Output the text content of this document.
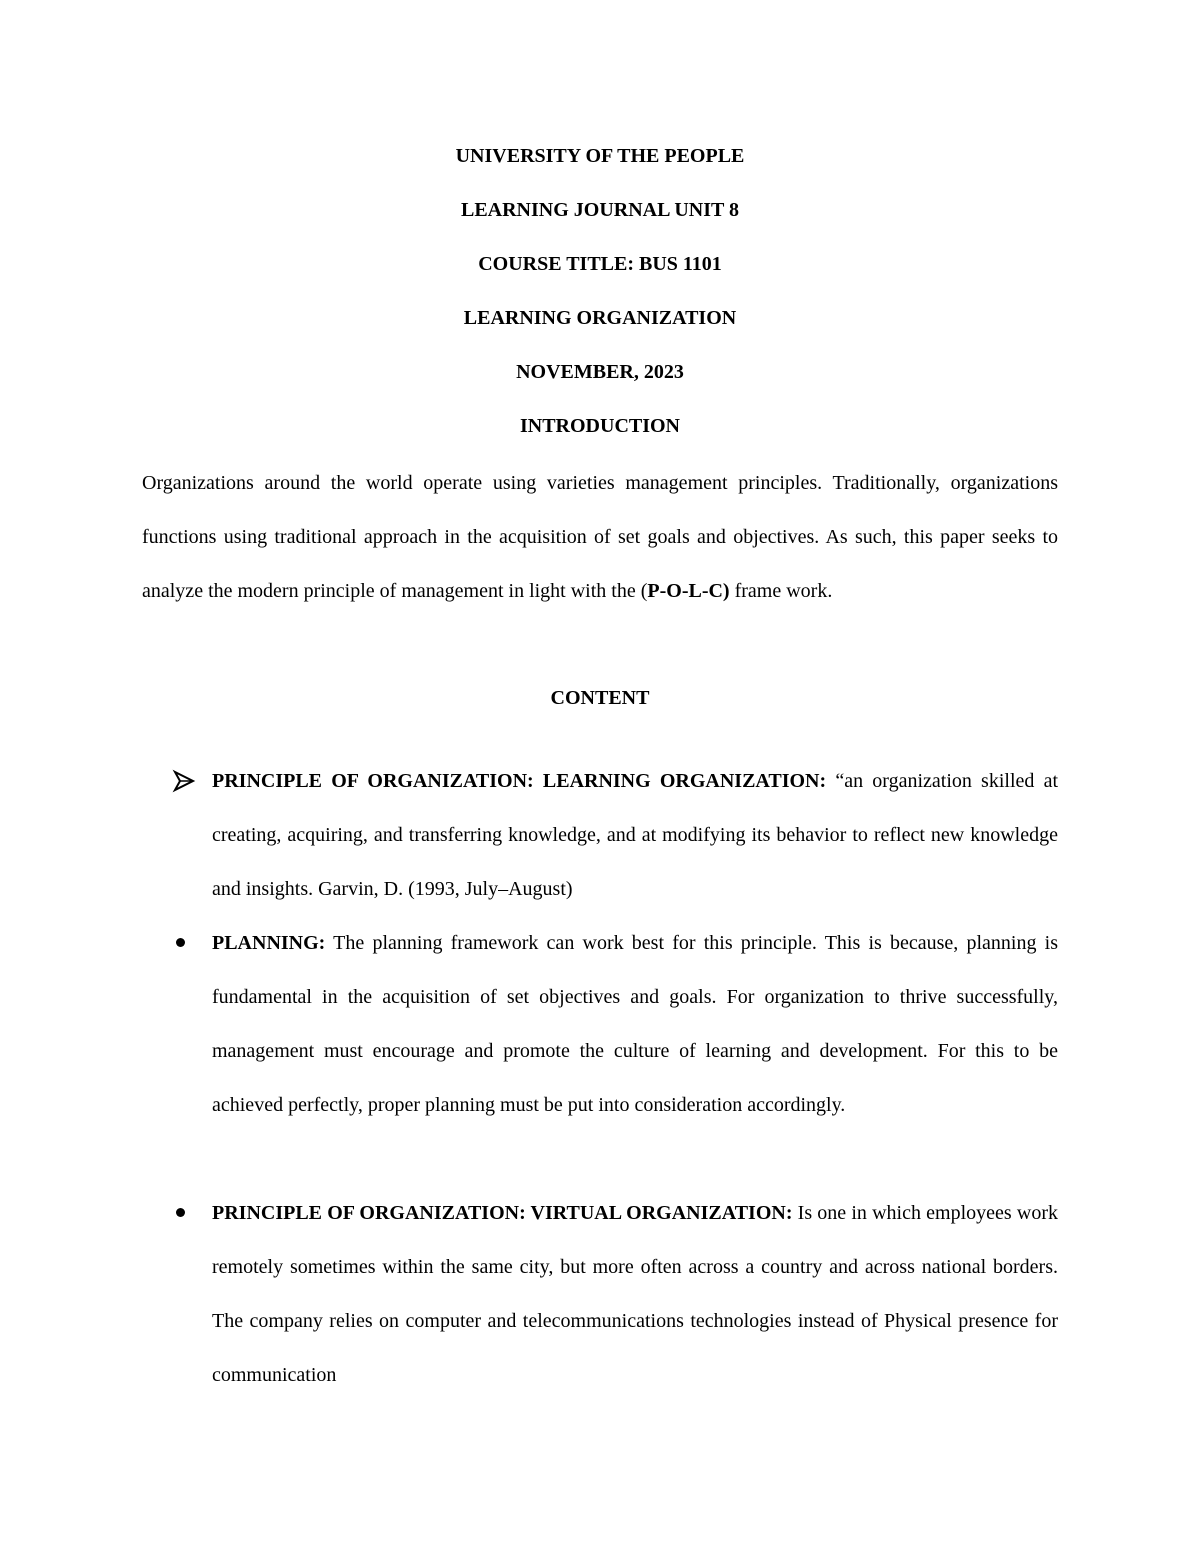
UNIVERSITY OF THE PEOPLE
LEARNING JOURNAL UNIT 8
COURSE TITLE: BUS 1101
LEARNING ORGANIZATION
NOVEMBER, 2023
INTRODUCTION
Organizations around the world operate using varieties management principles. Traditionally, organizations functions using traditional approach in the acquisition of set goals and objectives. As such, this paper seeks to analyze the modern principle of management in light with the (P-O-L-C) frame work.
CONTENT
PRINCIPLE OF ORGANIZATION: LEARNING ORGANIZATION: “an organization skilled at creating, acquiring, and transferring knowledge, and at modifying its behavior to reflect new knowledge and insights. Garvin, D. (1993, July–August)
PLANNING: The planning framework can work best for this principle. This is because, planning is fundamental in the acquisition of set objectives and goals. For organization to thrive successfully, management must encourage and promote the culture of learning and development. For this to be achieved perfectly, proper planning must be put into consideration accordingly.
PRINCIPLE OF ORGANIZATION: VIRTUAL ORGANIZATION: Is one in which employees work remotely sometimes within the same city, but more often across a country and across national borders. The company relies on computer and telecommunications technologies instead of Physical presence for communication
